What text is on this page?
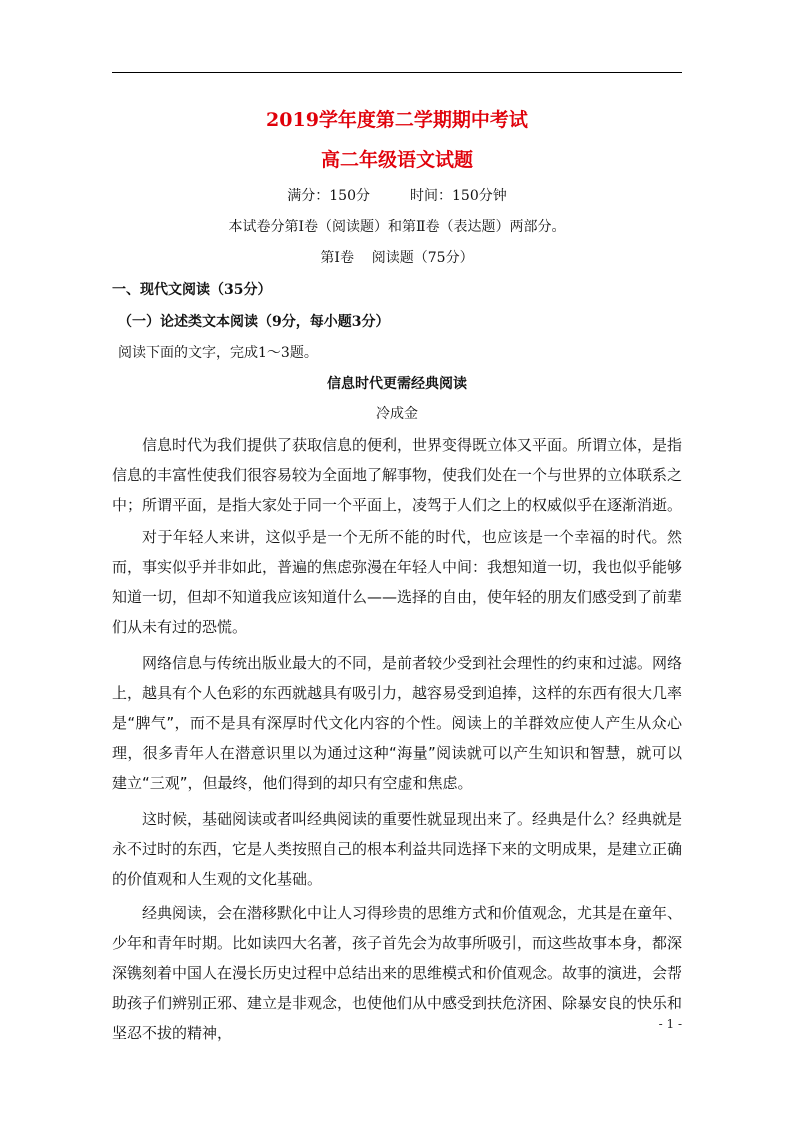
2019学年度第二学期期中考试
高二年级语文试题
满分：150分	时间：150分钟
本试卷分第Ⅰ卷（阅读题）和第Ⅱ卷（表达题）两部分。
第Ⅰ卷    阅读题（75分）
一、现代文阅读（35分）
（一）论述类文本阅读（9分，每小题3分）
阅读下面的文字，完成1～3题。
信息时代更需经典阅读
冷成金
信息时代为我们提供了获取信息的便利，世界变得既立体又平面。所谓立体，是指信息的丰富性使我们很容易较为全面地了解事物，使我们处在一个与世界的立体联系之中；所谓平面，是指大家处于同一个平面上，凌驾于人们之上的权威似乎在逐渐消逝。
对于年轻人来讲，这似乎是一个无所不能的时代，也应该是一个幸福的时代。然而，事实似乎并非如此，普遍的焦虑弥漫在年轻人中间：我想知道一切，我也似乎能够知道一切，但却不知道我应该知道什么——选择的自由，使年轻的朋友们感受到了前辈们从未有过的恐慌。
网络信息与传统出版业最大的不同，是前者较少受到社会理性的约束和过滤。网络上，越具有个人色彩的东西就越具有吸引力，越容易受到追捧，这样的东西有很大几率是“脾气”，而不是具有深厚时代文化内容的个性。阅读上的羊群效应使人产生从众心理，很多青年人在潜意识里以为通过这种“海量”阅读就可以产生知识和智慧，就可以建立“三观”，但最终，他们得到的却只有空虚和焦虑。
这时候，基础阅读或者叫经典阅读的重要性就显现出来了。经典是什么？经典就是永不过时的东西，它是人类按照自己的根本利益共同选择下来的文明成果，是建立正确的价值观和人生观的文化基础。
经典阅读，会在潜移默化中让人习得珍贵的思维方式和价值观念，尤其是在童年、少年和青年时期。比如读四大名著，孩子首先会为故事所吸引，而这些故事本身，都深深镌刻着中国人在漫长历史过程中总结出来的思维模式和价值观念。故事的演进，会帮助孩子们辨别正邪、建立是非观念，也使他们从中感受到扶危济困、除暴安良的快乐和坚忍不拔的精神，	- 1 -
